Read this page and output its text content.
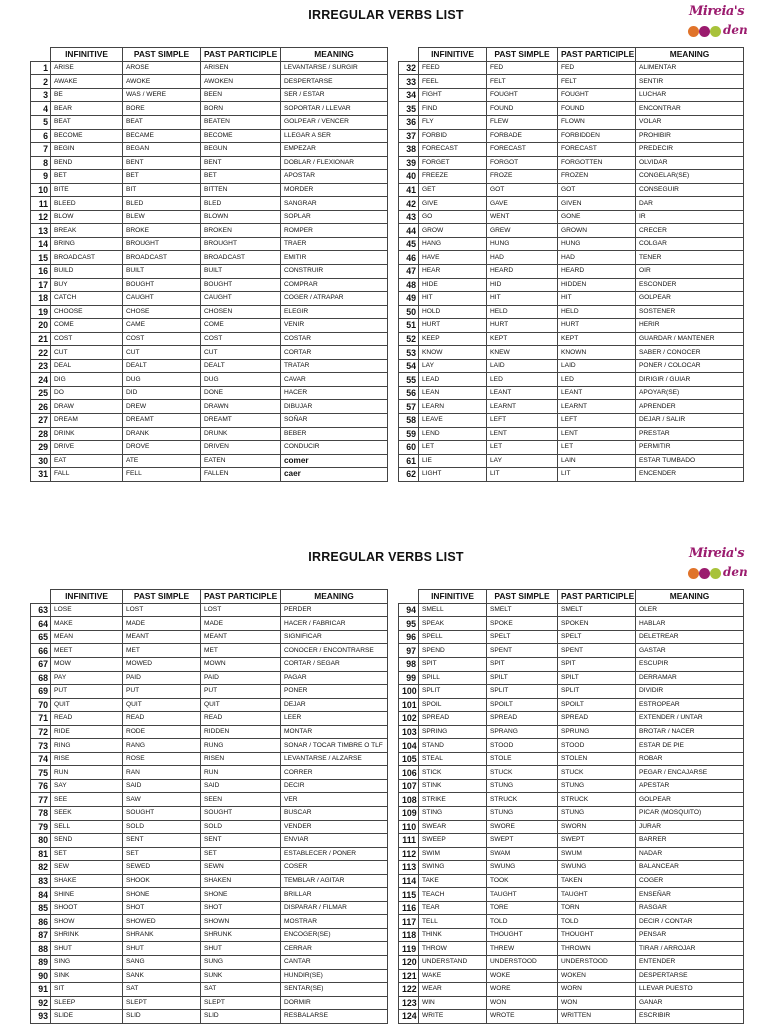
IRREGULAR VERBS LIST	Mireia's
den
IRREGULAR VERBS LIST	Mireia's
den
	INFINITIVE	PAST SIMPLE	PAST PARTICIPLE	MEANING
1	ARISE	AROSE	ARISEN	LEVANTARSE / SURGIR
2	AWAKE	AWOKE	AWOKEN	DESPERTARSE
3	BE	WAS / WERE	BEEN	SER / ESTAR
4	BEAR	BORE	BORN	SOPORTAR / LLEVAR
5	BEAT	BEAT	BEATEN	GOLPEAR / VENCER
6	BECOME	BECAME	BECOME	LLEGAR A SER
7	BEGIN	BEGAN	BEGUN	EMPEZAR
8	BEND	BENT	BENT	DOBLAR / FLEXIONAR
9	BET	BET	BET	APOSTAR
10	BITE	BIT	BITTEN	MORDER
11	BLEED	BLED	BLED	SANGRAR
12	BLOW	BLEW	BLOWN	SOPLAR
13	BREAK	BROKE	BROKEN	ROMPER
14	BRING	BROUGHT	BROUGHT	TRAER
15	BROADCAST	BROADCAST	BROADCAST	EMITIR
16	BUILD	BUILT	BUILT	CONSTRUIR
17	BUY	BOUGHT	BOUGHT	COMPRAR
18	CATCH	CAUGHT	CAUGHT	COGER / ATRAPAR
19	CHOOSE	CHOSE	CHOSEN	ELEGIR
20	COME	CAME	COME	VENIR
21	COST	COST	COST	COSTAR
22	CUT	CUT	CUT	CORTAR
23	DEAL	DEALT	DEALT	TRATAR
24	DIG	DUG	DUG	CAVAR
25	DO	DID	DONE	HACER
26	DRAW	DREW	DRAWN	DIBUJAR
27	DREAM	DREAMT	DREAMT	SOÑAR
28	DRINK	DRANK	DRUNK	BEBER
29	DRIVE	DROVE	DRIVEN	CONDUCIR
30	EAT	ATE	EATEN	comer
31	FALL	FELL	FALLEN	caer
	INFINITIVE	PAST SIMPLE	PAST PARTICIPLE	MEANING
32	FEED	FED	FED	ALIMENTAR
33	FEEL	FELT	FELT	SENTIR
34	FIGHT	FOUGHT	FOUGHT	LUCHAR
35	FIND	FOUND	FOUND	ENCONTRAR
36	FLY	FLEW	FLOWN	VOLAR
37	FORBID	FORBADE	FORBIDDEN	PROHIBIR
38	FORECAST	FORECAST	FORECAST	PREDECIR
39	FORGET	FORGOT	FORGOTTEN	OLVIDAR
40	FREEZE	FROZE	FROZEN	CONGELAR(SE)
41	GET	GOT	GOT	CONSEGUIR
42	GIVE	GAVE	GIVEN	DAR
43	GO	WENT	GONE	IR
44	GROW	GREW	GROWN	CRECER
45	HANG	HUNG	HUNG	COLGAR
46	HAVE	HAD	HAD	TENER
47	HEAR	HEARD	HEARD	OIR
48	HIDE	HID	HIDDEN	ESCONDER
49	HIT	HIT	HIT	GOLPEAR
50	HOLD	HELD	HELD	SOSTENER
51	HURT	HURT	HURT	HERIR
52	KEEP	KEPT	KEPT	GUARDAR / MANTENER
53	KNOW	KNEW	KNOWN	SABER / CONOCER
54	LAY	LAID	LAID	PONER / COLOCAR
55	LEAD	LED	LED	DIRIGIR / GUIAR
56	LEAN	LEANT	LEANT	APOYAR(SE)
57	LEARN	LEARNT	LEARNT	APRENDER
58	LEAVE	LEFT	LEFT	DEJAR / SALIR
59	LEND	LENT	LENT	PRESTAR
60	LET	LET	LET	PERMITIR
61	LIE	LAY	LAIN	ESTAR TUMBADO
62	LIGHT	LIT	LIT	ENCENDER
	INFINITIVE	PAST SIMPLE	PAST PARTICIPLE	MEANING
63	LOSE	LOST	LOST	PERDER
64	MAKE	MADE	MADE	HACER / FABRICAR
65	MEAN	MEANT	MEANT	SIGNIFICAR
66	MEET	MET	MET	CONOCER / ENCONTRARSE
67	MOW	MOWED	MOWN	CORTAR / SEGAR
68	PAY	PAID	PAID	PAGAR
69	PUT	PUT	PUT	PONER
70	QUIT	QUIT	QUIT	DEJAR
71	READ	READ	READ	LEER
72	RIDE	RODE	RIDDEN	MONTAR
73	RING	RANG	RUNG	SONAR / TOCAR TIMBRE O TLF
74	RISE	ROSE	RISEN	LEVANTARSE / ALZARSE
75	RUN	RAN	RUN	CORRER
76	SAY	SAID	SAID	DECIR
77	SEE	SAW	SEEN	VER
78	SEEK	SOUGHT	SOUGHT	BUSCAR
79	SELL	SOLD	SOLD	VENDER
80	SEND	SENT	SENT	ENVIAR
81	SET	SET	SET	ESTABLECER / PONER
82	SEW	SEWED	SEWN	COSER
83	SHAKE	SHOOK	SHAKEN	TEMBLAR / AGITAR
84	SHINE	SHONE	SHONE	BRILLAR
85	SHOOT	SHOT	SHOT	DISPARAR / FILMAR
86	SHOW	SHOWED	SHOWN	MOSTRAR
87	SHRINK	SHRANK	SHRUNK	ENCOGER(SE)
88	SHUT	SHUT	SHUT	CERRAR
89	SING	SANG	SUNG	CANTAR
90	SINK	SANK	SUNK	HUNDIR(SE)
91	SIT	SAT	SAT	SENTAR(SE)
92	SLEEP	SLEPT	SLEPT	DORMIR
93	SLIDE	SLID	SLID	RESBALARSE
	INFINITIVE	PAST SIMPLE	PAST PARTICIPLE	MEANING
94	SMELL	SMELT	SMELT	OLER
95	SPEAK	SPOKE	SPOKEN	HABLAR
96	SPELL	SPELT	SPELT	DELETREAR
97	SPEND	SPENT	SPENT	GASTAR
98	SPIT	SPIT	SPIT	ESCUPIR
99	SPILL	SPILT	SPILT	DERRAMAR
100	SPLIT	SPLIT	SPLIT	DIVIDIR
101	SPOIL	SPOILT	SPOILT	ESTROPEAR
102	SPREAD	SPREAD	SPREAD	EXTENDER / UNTAR
103	SPRING	SPRANG	SPRUNG	BROTAR / NACER
104	STAND	STOOD	STOOD	ESTAR DE PIE
105	STEAL	STOLE	STOLEN	ROBAR
106	STICK	STUCK	STUCK	PEGAR / ENCAJARSE
107	STINK	STUNG	STUNG	APESTAR
108	STRIKE	STRUCK	STRUCK	GOLPEAR
109	STING	STUNG	STUNG	PICAR (MOSQUITO)
110	SWEAR	SWORE	SWORN	JURAR
111	SWEEP	SWEPT	SWEPT	BARRER
112	SWIM	SWAM	SWUM	NADAR
113	SWING	SWUNG	SWUNG	BALANCEAR
114	TAKE	TOOK	TAKEN	COGER
115	TEACH	TAUGHT	TAUGHT	ENSEÑAR
116	TEAR	TORE	TORN	RASGAR
117	TELL	TOLD	TOLD	DECIR / CONTAR
118	THINK	THOUGHT	THOUGHT	PENSAR
119	THROW	THREW	THROWN	TIRAR / ARROJAR
120	UNDERSTAND	UNDERSTOOD	UNDERSTOOD	ENTENDER
121	WAKE	WOKE	WOKEN	DESPERTARSE
122	WEAR	WORE	WORN	LLEVAR PUESTO
123	WIN	WON	WON	GANAR
124	WRITE	WROTE	WRITTEN	ESCRIBIR
